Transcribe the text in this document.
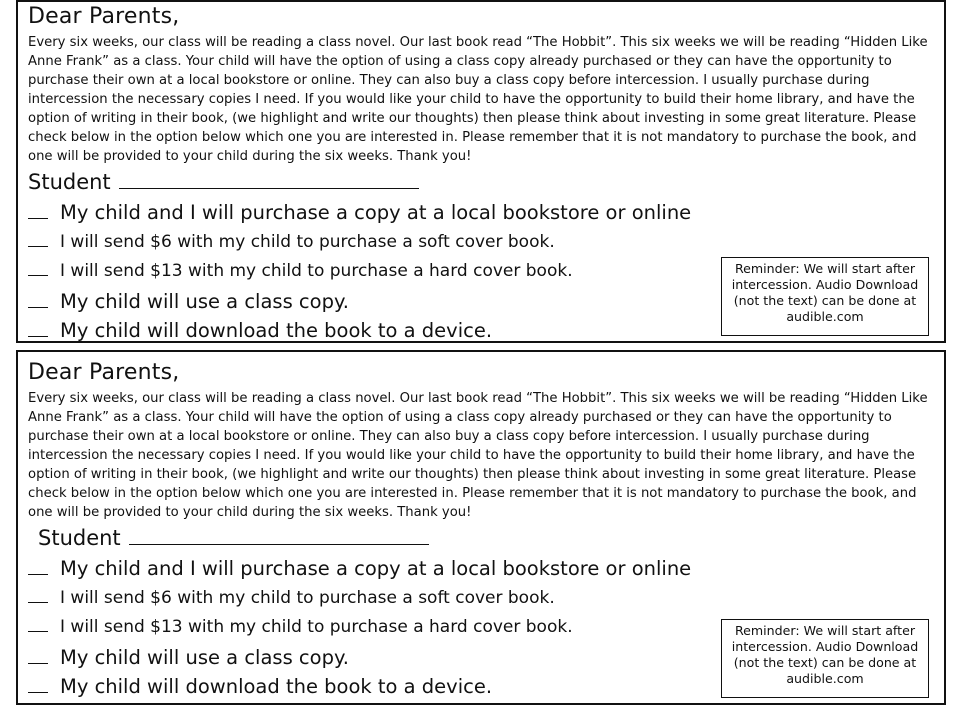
Dear Parents,

Every six weeks, our class will be reading a class novel. Our last book read “The Hobbit”. This six weeks we will be reading “Hidden Like Anne Frank” as a class. Your child will have the option of using a class copy already purchased or they can have the opportunity to purchase their own at a local bookstore or online. They can also buy a class copy before intercession. I usually purchase during intercession the necessary copies I need. If you would like your child to have the opportunity to build their home library, and have the option of writing in their book, (we highlight and write our thoughts) then please think about investing in some great literature. Please check below in the option below which one you are interested in. Please remember that it is not mandatory to purchase the book, and one will be provided to your child during the six weeks. Thank you!

Student
My child and I will purchase a copy at a local bookstore or online
I will send $6 with my child to purchase a soft cover book.
I will send $13 with my child to purchase a hard cover book.
My child will use a class copy.
My child will download the book to a device.
Reminder: We will start after intercession. Audio Download (not the text) can be done at audible.com
Dear Parents,

Every six weeks, our class will be reading a class novel. Our last book read “The Hobbit”. This six weeks we will be reading “Hidden Like Anne Frank” as a class. Your child will have the option of using a class copy already purchased or they can have the opportunity to purchase their own at a local bookstore or online. They can also buy a class copy before intercession. I usually purchase during intercession the necessary copies I need. If you would like your child to have the opportunity to build their home library, and have the option of writing in their book, (we highlight and write our thoughts) then please think about investing in some great literature. Please check below in the option below which one you are interested in. Please remember that it is not mandatory to purchase the book, and one will be provided to your child during the six weeks. Thank you!

Student
My child and I will purchase a copy at a local bookstore or online
I will send $6 with my child to purchase a soft cover book.
I will send $13 with my child to purchase a hard cover book.
My child will use a class copy.
My child will download the book to a device.
Reminder: We will start after intercession. Audio Download (not the text) can be done at audible.com
